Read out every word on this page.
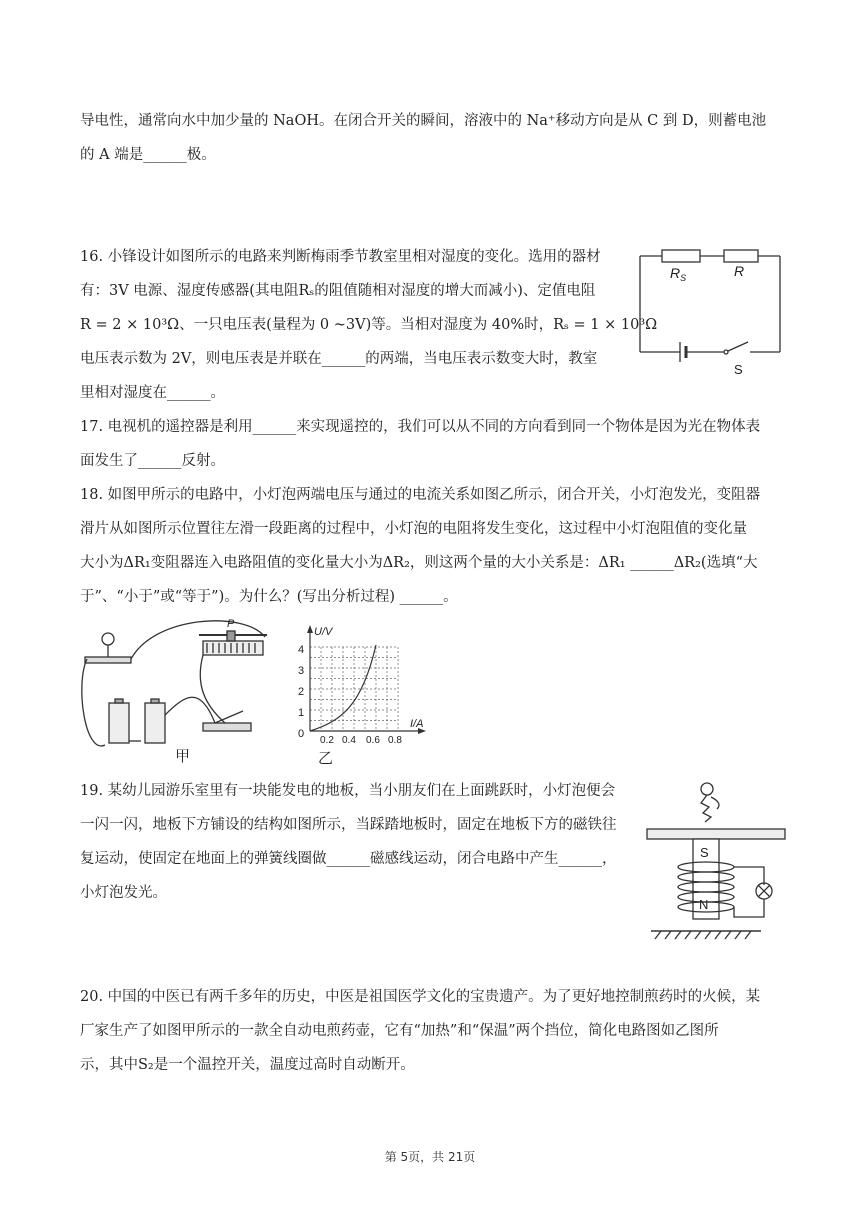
导电性，通常向水中加少量的 NaOH。在闭合开关的瞬间，溶液中的 Na⁺移动方向是从 C 到 D，则蓄电池
的 A 端是______极。
16. 小锋设计如图所示的电路来判断梅雨季节教室里相对湿度的变化。选用的器材
有：3V 电源、湿度传感器(其电阻Rₛ的阻值随相对湿度的增大而减小)、定值电阻
R = 2 × 10³Ω、一只电压表(量程为 0 ~3V)等。当相对湿度为 40%时，Rₛ = 1 × 10³Ω
电压表示数为 2V，则电压表是并联在______的两端，当电压表示数变大时，教室
里相对湿度在______。
$R_S$	R
S
17. 电视机的遥控器是利用______来实现遥控的，我们可以从不同的方向看到同一个物体是因为光在物体表
面发生了______反射。
18. 如图甲所示的电路中，小灯泡两端电压与通过的电流关系如图乙所示，闭合开关，小灯泡发光，变阻器
滑片从如图所示位置往左滑一段距离的过程中，小灯泡的电阻将发生变化，这过程中小灯泡阻值的变化量
大小为ΔR₁变阻器连入电路阻值的变化量大小为ΔR₂，则这两个量的大小关系是：ΔR₁ ______ΔR₂(选填“大
于”、“小于”或“等于”)。为什么？(写出分析过程) ______。
P
甲
U/V
I/A
0
1
2
3
4
0.2 0.4 0.6 0.8
乙
19. 某幼儿园游乐室里有一块能发电的地板，当小朋友们在上面跳跃时，小灯泡便会
一闪一闪，地板下方铺设的结构如图所示，当踩踏地板时，固定在地板下方的磁铁往
复运动，使固定在地面上的弹簧线圈做______磁感线运动，闭合电路中产生______，
小灯泡发光。
S
N
20. 中国的中医已有两千多年的历史，中医是祖国医学文化的宝贵遗产。为了更好地控制煎药时的火候，某
厂家生产了如图甲所示的一款全自动电煎药壶，它有“加热”和“保温”两个挡位，简化电路图如乙图所
示，其中S₂是一个温控开关，温度过高时自动断开。
第 5页，共 21页
